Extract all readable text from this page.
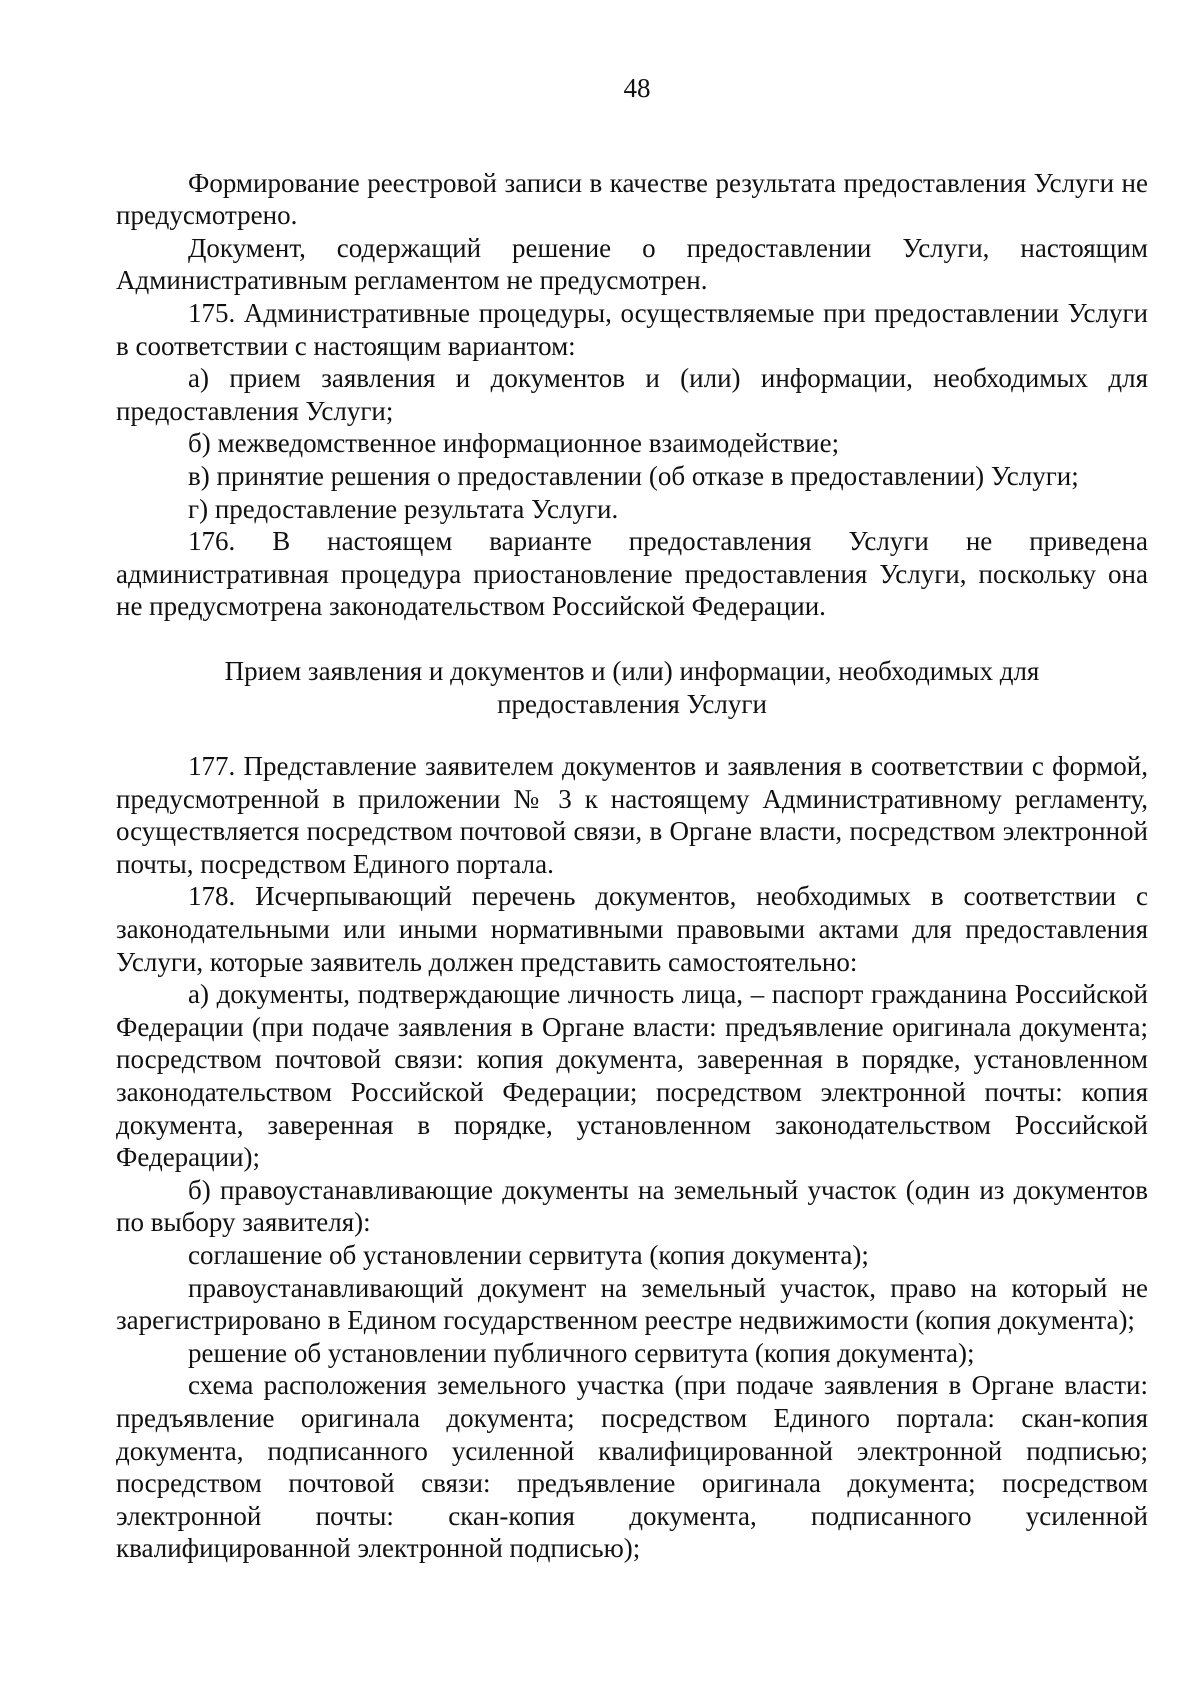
48

Формирование реестровой записи в качестве результата предоставления Услуги не предусмотрено.

Документ, содержащий решение о предоставлении Услуги, настоящим Административным регламентом не предусмотрен.

175. Административные процедуры, осуществляемые при предоставлении Услуги в соответствии с настоящим вариантом:

а) прием заявления и документов и (или) информации, необходимых для предоставления Услуги;

б) межведомственное информационное взаимодействие;

в) принятие решения о предоставлении (об отказе в предоставлении) Услуги;

г) предоставление результата Услуги.

176. В настоящем варианте предоставления Услуги не приведена административная процедура приостановление предоставления Услуги, поскольку она не предусмотрена законодательством Российской Федерации.

Прием заявления и документов и (или) информации, необходимых для предоставления Услуги

177. Представление заявителем документов и заявления в соответствии с формой, предусмотренной в приложении № 3 к настоящему Административному регламенту, осуществляется посредством почтовой связи, в Органе власти, посредством электронной почты, посредством Единого портала.

178. Исчерпывающий перечень документов, необходимых в соответствии с законодательными или иными нормативными правовыми актами для предоставления Услуги, которые заявитель должен представить самостоятельно:

а) документы, подтверждающие личность лица, – паспорт гражданина Российской Федерации (при подаче заявления в Органе власти: предъявление оригинала документа; посредством почтовой связи: копия документа, заверенная в порядке, установленном законодательством Российской Федерации; посредством электронной почты: копия документа, заверенная в порядке, установленном законодательством Российской Федерации);

б) правоустанавливающие документы на земельный участок (один из документов по выбору заявителя):

соглашение об установлении сервитута (копия документа);

правоустанавливающий документ на земельный участок, право на который не зарегистрировано в Едином государственном реестре недвижимости (копия документа);

решение об установлении публичного сервитута (копия документа);

схема расположения земельного участка (при подаче заявления в Органе власти: предъявление оригинала документа; посредством Единого портала: скан-копия документа, подписанного усиленной квалифицированной электронной подписью; посредством почтовой связи: предъявление оригинала документа; посредством электронной почты: скан-копия документа, подписанного усиленной квалифицированной электронной подписью);
